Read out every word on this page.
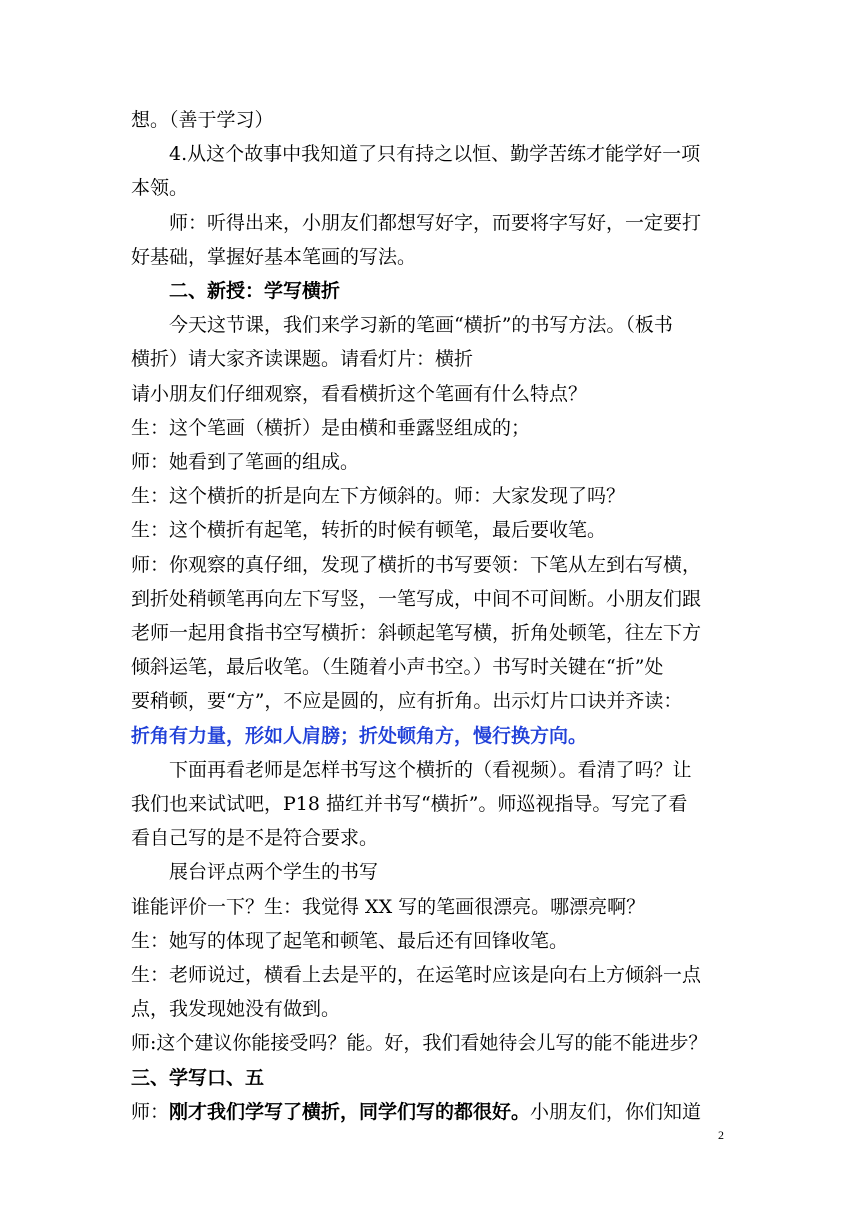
想。（善于学习）

4.从这个故事中我知道了只有持之以恒、勤学苦练才能学好一项

本领。

师：听得出来，小朋友们都想写好字，而要将字写好，一定要打

好基础，掌握好基本笔画的写法。

二、新授：学写横折

今天这节课，我们来学习新的笔画“横折”的书写方法。（板书

横折）请大家齐读课题。请看灯片：横折

请小朋友们仔细观察，看看横折这个笔画有什么特点？

生：这个笔画（横折）是由横和垂露竖组成的；

师：她看到了笔画的组成。

生：这个横折的折是向左下方倾斜的。师：大家发现了吗？

生：这个横折有起笔，转折的时候有顿笔，最后要收笔。

师：你观察的真仔细，发现了横折的书写要领：下笔从左到右写横，

到折处稍顿笔再向左下写竖，一笔写成，中间不可间断。小朋友们跟

老师一起用食指书空写横折：斜顿起笔写横，折角处顿笔，往左下方

倾斜运笔，最后收笔。（生随着小声书空。）书写时关键在“折”处

要稍顿，要“方”，不应是圆的，应有折角。出示灯片口诀并齐读：

折角有力量，形如人肩膀；折处顿角方，慢行换方向。

下面再看老师是怎样书写这个横折的（看视频）。看清了吗？让

我们也来试试吧，P18 描红并书写“横折”。师巡视指导。写完了看

看自己写的是不是符合要求。

展台评点两个学生的书写

谁能评价一下？生：我觉得 XX 写的笔画很漂亮。哪漂亮啊？

生：她写的体现了起笔和顿笔、最后还有回锋收笔。

生：老师说过，横看上去是平的，在运笔时应该是向右上方倾斜一点

点，我发现她没有做到。

师:这个建议你能接受吗？能。好，我们看她待会儿写的能不能进步？

三、学写口、五

师：刚才我们学写了横折，同学们写的都很好。小朋友们，你们知道

2
